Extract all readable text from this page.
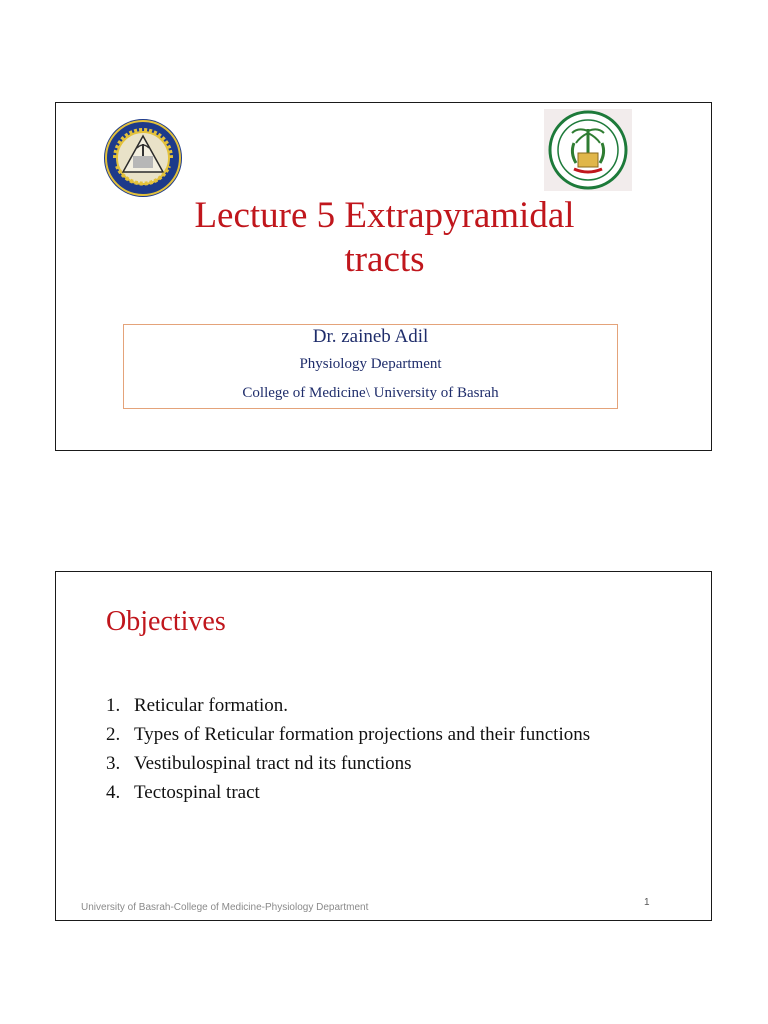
Lecture 5 Extrapyramidal
tracts
Dr. zaineb Adil
Physiology Department
College of Medicine\ University of Basrah
Objectives
1. Reticular formation.
2. Types of Reticular formation projections and their functions
3. Vestibulospinal tract nd its functions
4. Tectospinal tract
University of Basrah-College of Medicine-Physiology Department	1
